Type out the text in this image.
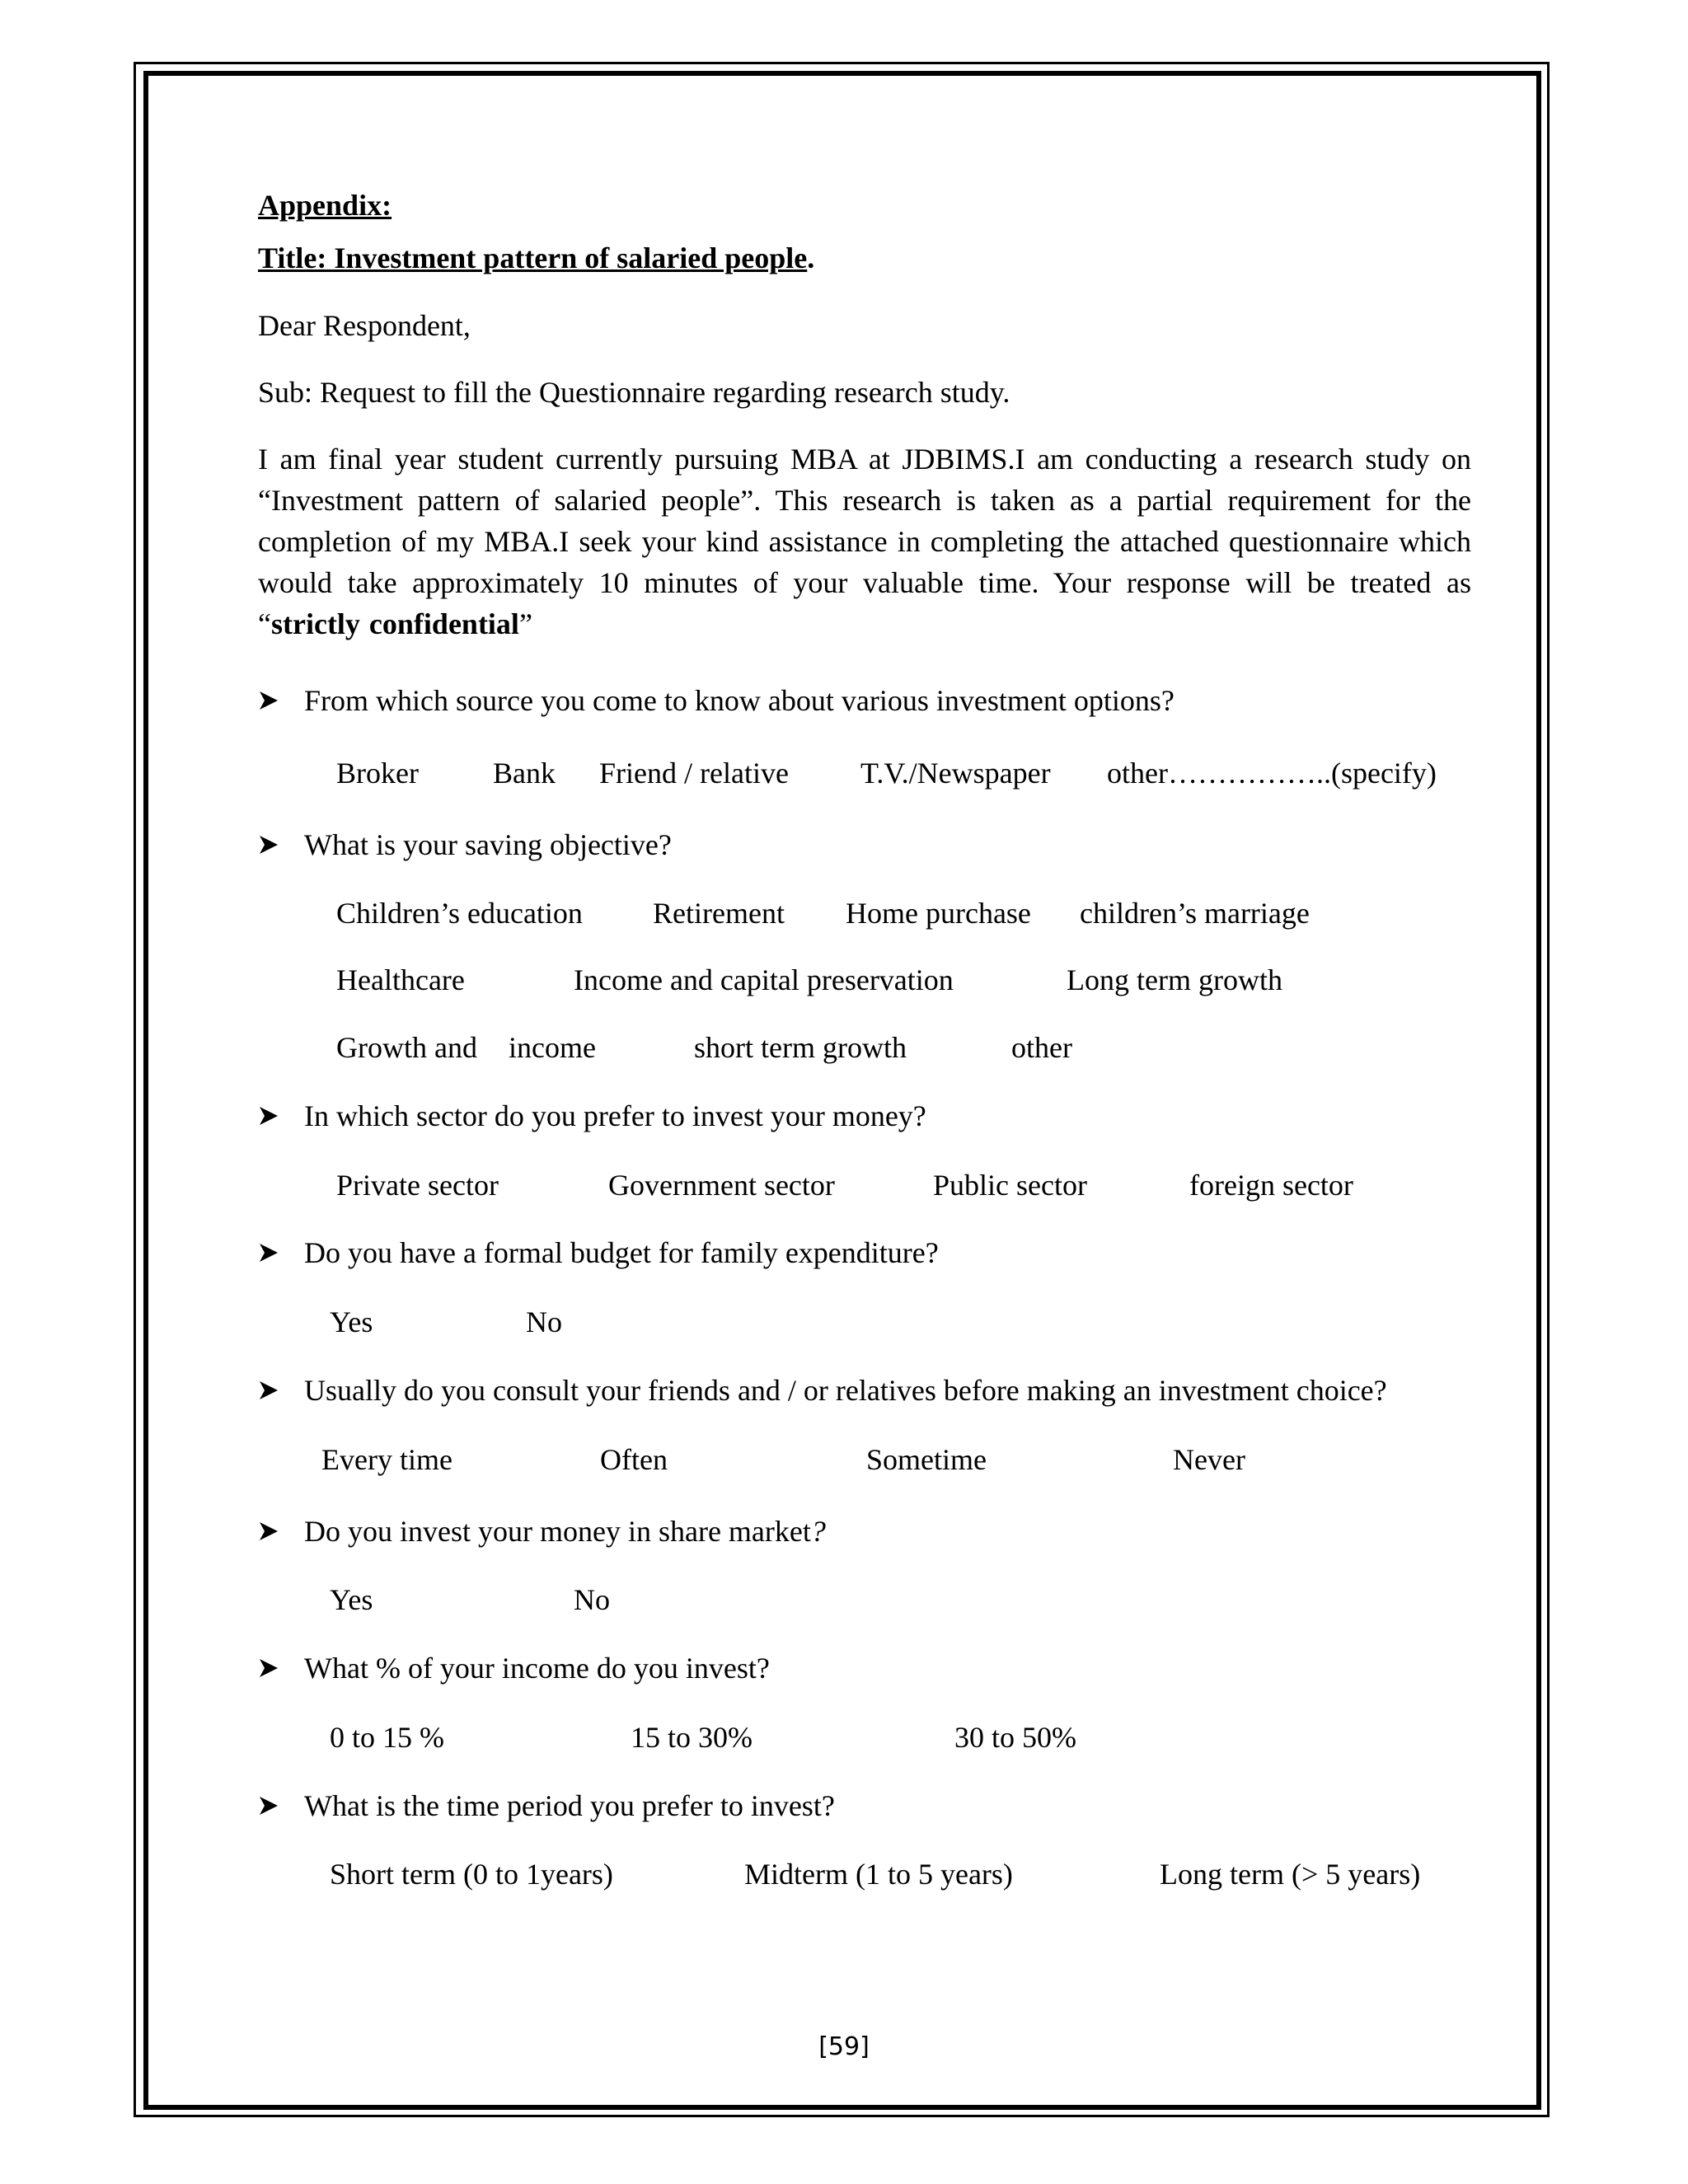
Appendix:
Title: Investment pattern of salaried people.
Dear Respondent,
Sub: Request to fill the Questionnaire regarding research study.
I am final year student currently pursuing MBA at JDBIMS.I am conducting a research study on “Investment pattern of salaried people”. This research is taken as a partial requirement for the completion of my MBA.I seek your kind assistance in completing the attached questionnaire which would take approximately 10 minutes of your valuable time. Your response will be treated as “strictly confidential”
From which source you come to know about various investment options?
Broker	Bank Friend / relative T.V./Newspaper other……………..(specify)
What is your saving objective?
Children’s education Retirement Home purchase children’s marriage
Healthcare	Income and capital preservation	Long term growth
Growth and income	short term growth	other
In which sector do you prefer to invest your money?
Private sector	Government sector	Public sector	foreign sector
Do you have a formal budget for family expenditure?
Yes	No
Usually do you consult your friends and / or relatives before making an investment choice?
Every time	Often	Sometime	Never
Do you invest your money in share market?
Yes	No
What % of your income do you invest?
0 to 15 %	15 to 30%	30 to 50%
What is the time period you prefer to invest?
Short term (0 to 1years)	Midterm (1 to 5 years)	Long term (> 5 years)
[59]
